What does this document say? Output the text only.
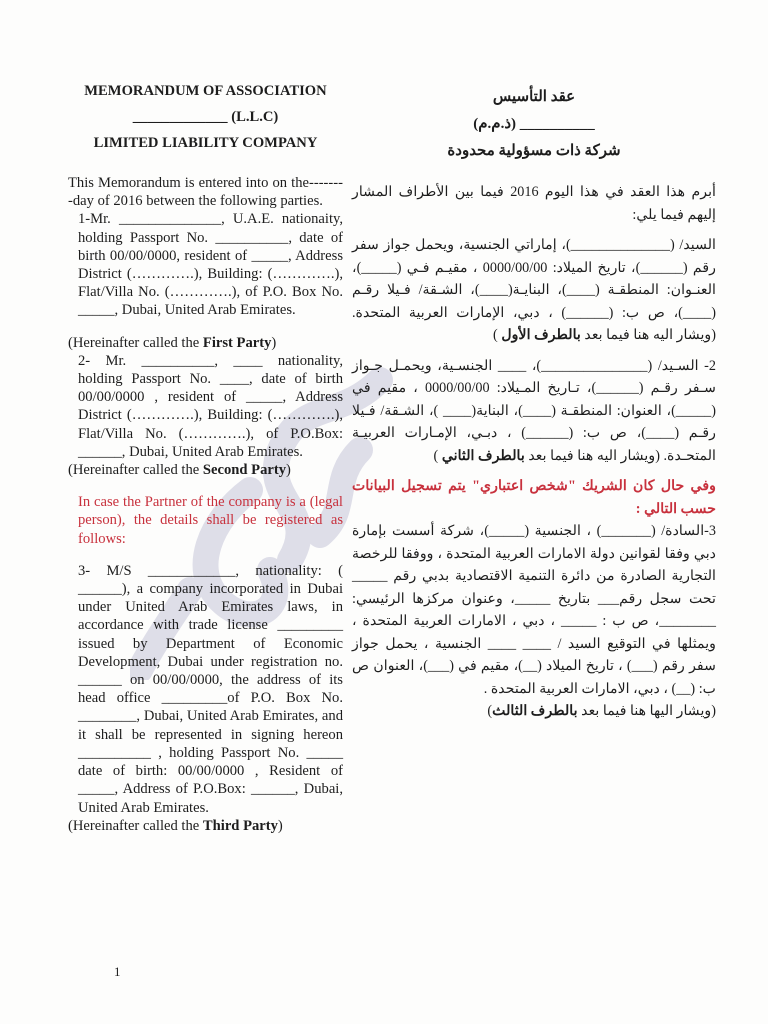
MEMORANDUM OF ASSOCIATION

_____________ (L.L.C)

LIMITED LIABILITY COMPANY

This Memorandum is entered into on the--------day of 2016 between the following parties.

1-Mr. ______________, U.A.E. nationaity, holding Passport No. __________, date of birth 00/00/0000, resident of _____, Address District (………….), Building: (………….), Flat/Villa No. (………….), of P.O. Box No. _____, Dubai, United Arab Emirates.

(Hereinafter called the First Party)

2- Mr. __________, ____ nationality, holding Passport No. ____, date of birth 00/00/0000 , resident of _____, Address District (………….), Building: (………….), Flat/Villa No. (………….), of P.O.Box: ______, Dubai, United Arab Emirates.

(Hereinafter called the Second Party)

In case the Partner of the company is a (legal person), the details shall be registered as follows:

3- M/S ____________, nationality: ( ______), a company incorporated in Dubai under United Arab Emirates laws, in accordance with trade license _________ issued by Department of Economic Development, Dubai under registration no. ______ on 00/00/0000, the address of its head office _________of P.O. Box No. ________, Dubai, United Arab Emirates, and it shall be represented in signing hereon __________ , holding Passport No. _____ date of birth: 00/00/0000 , Resident of _____, Address of P.O.Box: ______, Dubai, United Arab Emirates.

(Hereinafter called the Third Party)

عقد التأسيس

__________ (ذ.م.م)

شركة ذات مسؤولية محدودة

أبرم هذا العقد في هذا اليوم 2016 فيما بين الأطراف المشار إليهم فيما يلي:

السيد/ (______________)، إماراتي الجنسية، ويحمل جواز سفر رقم (______)، تاريخ الميلاد: 0000/00/00 ، مقيـم فـي (_____)، العنـوان: المنطقـة (____)، البنايـة(____)، الشـقة/ فـيلا رقـم (____)، ص ب: (______) ، دبي، الإمارات العربية المتحدة. (ويشار اليه هنا فيما بعد بالطرف الأول )

2- السـيد/ (_______________)، ____ الجنسـية، ويحمـل جـواز سـفر رقـم (______)، تـاريخ المـيلاد: 0000/00/00 ، مقيم في (_____)، العنوان: المنطقـة (____)، البناية(____ )، الشـقة/ فـيلا رقـم (____)، ص ب: (______) ، دبـي، الإمـارات العربيـة المتحـدة. (ويشار اليه هنا فيما بعد بالطرف الثاني )

وفي حال كان الشريك "شخص اعتباري" يتم تسجيل البيانات حسب التالي :

3-السادة/ (_______) ، الجنسية (_____)، شركة أسست بإمارة دبي وفقا لقوانين دولة الامارات العربية المتحدة ، ووفقا للرخصة التجارية الصادرة من دائرة التنمية الاقتصادية بدبي رقم _____ تحت سجل رقم___ بتاريخ _____، وعنوان مركزها الرئيسي: ________، ص ب : _____ ، دبي ، الامارات العربية المتحدة ، ويمثلها في التوقيع السيد / ____ ____ الجنسية ، يحمل جواز سفر رقم (___) ، تاريخ الميلاد (__)، مقيم في (___)، العنوان ص ب: (__) ، دبي، الامارات العربية المتحدة .

(ويشار اليها هنا فيما بعد بالطرف الثالث)

1
